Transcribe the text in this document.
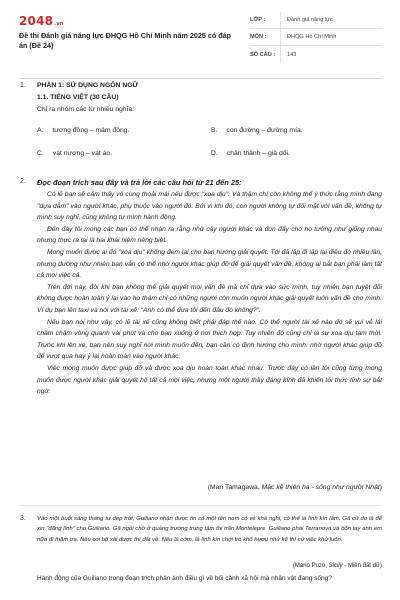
2048.vn
Đề thi Đánh giá năng lực ĐHQG Hồ Chí Minh năm 2025 có đáp án (Đề 24)
LỚP :	Đánh giá năng lực
MÔN :	ĐHQG Hồ Chí Minh
SỐ CÂU :	143
1. PHẦN 1: SỬ DỤNG NGÔN NGỮ
1.1. TIẾNG VIỆT (30 CÂU)
Chỉ ra nhóm các từ nhiều nghĩa:
A. tương đồng – mâm đồng.	B. con đường – đường mía.
C. vạt nương – vạt áo.	D. chân thành – giả dối.
2. Đọc đoạn trích sau đây và trả lời các câu hỏi từ 21 đến 25:
Có lẽ bạn sẽ cảm thấy vô cùng thoải mái nếu được "xoa dịu". Và thậm chí còn không thể ý thức rằng mình đang "dựa dẫm" vào người khác, phụ thuộc vào người đó. Bởi vì khi đó, con người không tự đối mặt với vấn đề, không tự mình suy nghĩ, cũng không tự mình hành động.
Đến đây tôi mong các bạn có thể nhận ra rằng nhờ cậy người khác và đùn đẩy cho họ tưởng như giống nhau nhưng thực ra lại là hai khái niệm riêng biệt.
Mong muốn được ai đó "xoa dịu" không đem lại cho bạn hướng giải quyết. Tôi đã lặp đi lặp lại điều đó nhiều lần, nhưng dường như nhiên bạn vẫn có thể nhờ người khác giúp đỡ để giải quyết vấn đề, không ai bắt bạn phải làm tất cả mọi việc cả.
Trên đời này, đôi khi bạn không thể giải quyết mọi vấn đề mà chỉ dựa vào sức mình, tuy nhiên bạn tuyệt đối không được hoàn toàn ỷ lại vào họ thậm chí có những người còn muốn người khác giải quyết luôn vấn đề cho mình. Ví dụ bạn lên taxi và nói với tài xế: "Anh có thể đưa tôi đến đâu đó không?".
Nếu bạn nói như vậy, có lẽ tài xế cũng không biết phải đáp thế nào. Có thể người tài xế nào đó sẽ vui vẻ lái chầm chậm vòng quanh vài phút và cho bạn xuống ở nơi thích hợp. Tuy nhiên đó cũng chỉ là sự xoa dịu tạm thời. Trước khi lên xe, bạn nên suy nghĩ nơi mình muốn đến, bạn cần có định hướng cho mình: nhờ người khác giúp đỡ để vượt qua hay ỷ lại hoàn toàn vào người khác.
Việc mong muốn được giúp đỡ và được xoa dịu hoàn toàn khác nhau. Trước đây có lần tôi cũng từng mong muốn được người khác giải quyết hộ tất cả mọi việc, nhưng một người thầy đáng kính đã khiến tôi thức tỉnh sự bắt ngờ:
(Mari Tamagawa, Mặc kệ thiên hạ - sống như người Nhật)
3. Vào một buổi sáng tháng tư đẹp trời, Guiliano nhận được tin có một tên nom có vẻ khá nghi, có thể là lính kín lắm. Gã cứ do là để xin "đăng lính" cho Guiliano. Gã ngồi chờ ở quảng trường trung tâm thị trấn Montelepre. Guiliano phái Terranova và bốn tay anh em nữa đi thăm tra. Nếu coi bộ xài được thì dắt về. Nếu là cớm, là lính kín chơi trò khố hươu nhử kế thì cứ việc khử luôn.
(Mario Puzo, Sicily - Miền đất dữ)
Hành động của Guiliano trong đoạn trích phản ánh điều gì về bối cảnh xã hội mà nhân vật đang sống?
